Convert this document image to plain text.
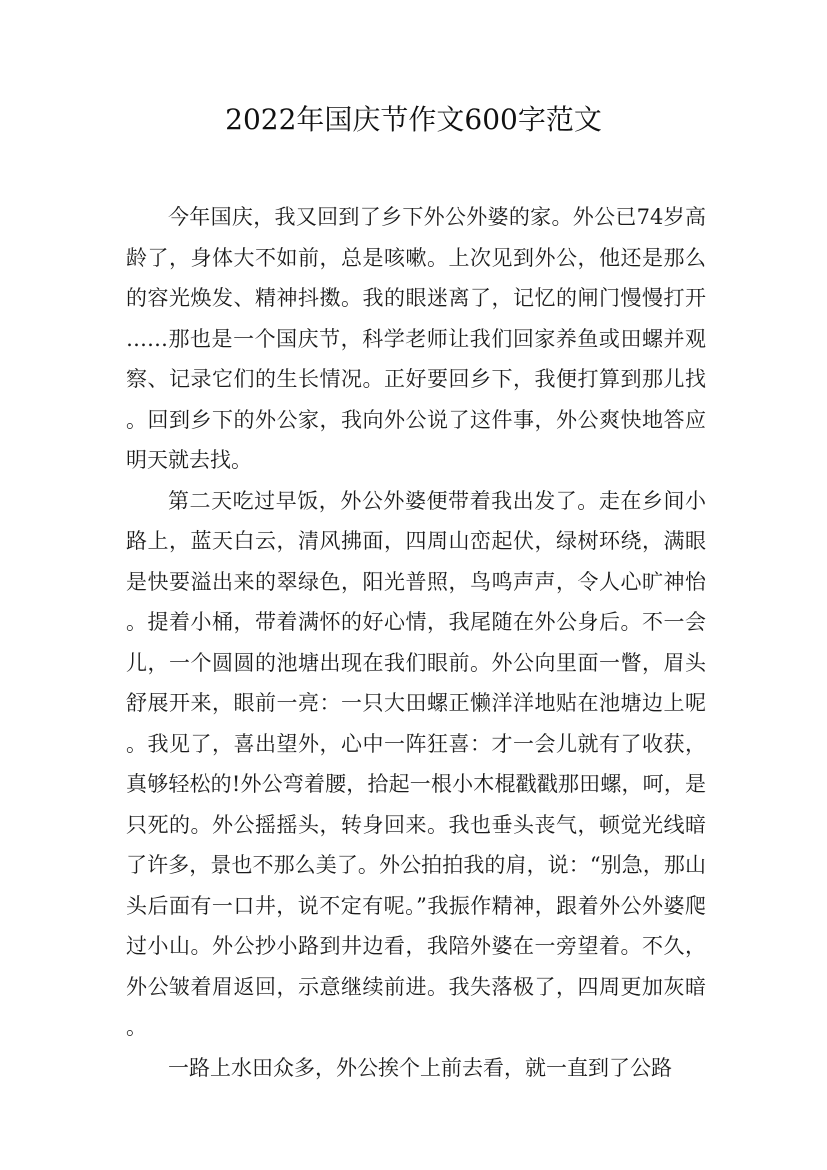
2022年国庆节作文600字范文

今年国庆，我又回到了乡下外公外婆的家。外公已74岁高龄了，身体大不如前，总是咳嗽。上次见到外公，他还是那么的容光焕发、精神抖擞。我的眼迷离了，记忆的闸门慢慢打开……那也是一个国庆节，科学老师让我们回家养鱼或田螺并观察、记录它们的生长情况。正好要回乡下，我便打算到那儿找。回到乡下的外公家，我向外公说了这件事，外公爽快地答应明天就去找。

第二天吃过早饭，外公外婆便带着我出发了。走在乡间小路上，蓝天白云，清风拂面，四周山峦起伏，绿树环绕，满眼是快要溢出来的翠绿色，阳光普照，鸟鸣声声，令人心旷神怡。提着小桶，带着满怀的好心情，我尾随在外公身后。不一会儿，一个圆圆的池塘出现在我们眼前。外公向里面一瞥，眉头舒展开来，眼前一亮：一只大田螺正懒洋洋地贴在池塘边上呢。我见了，喜出望外，心中一阵狂喜：才一会儿就有了收获，真够轻松的!外公弯着腰，拾起一根小木棍戳戳那田螺，呵，是只死的。外公摇摇头，转身回来。我也垂头丧气，顿觉光线暗了许多，景也不那么美了。外公拍拍我的肩，说：“别急，那山头后面有一口井，说不定有呢。”我振作精神，跟着外公外婆爬过小山。外公抄小路到井边看，我陪外婆在一旁望着。不久，外公皱着眉返回，示意继续前进。我失落极了，四周更加灰暗。

一路上水田众多，外公挨个上前去看，就一直到了公路
